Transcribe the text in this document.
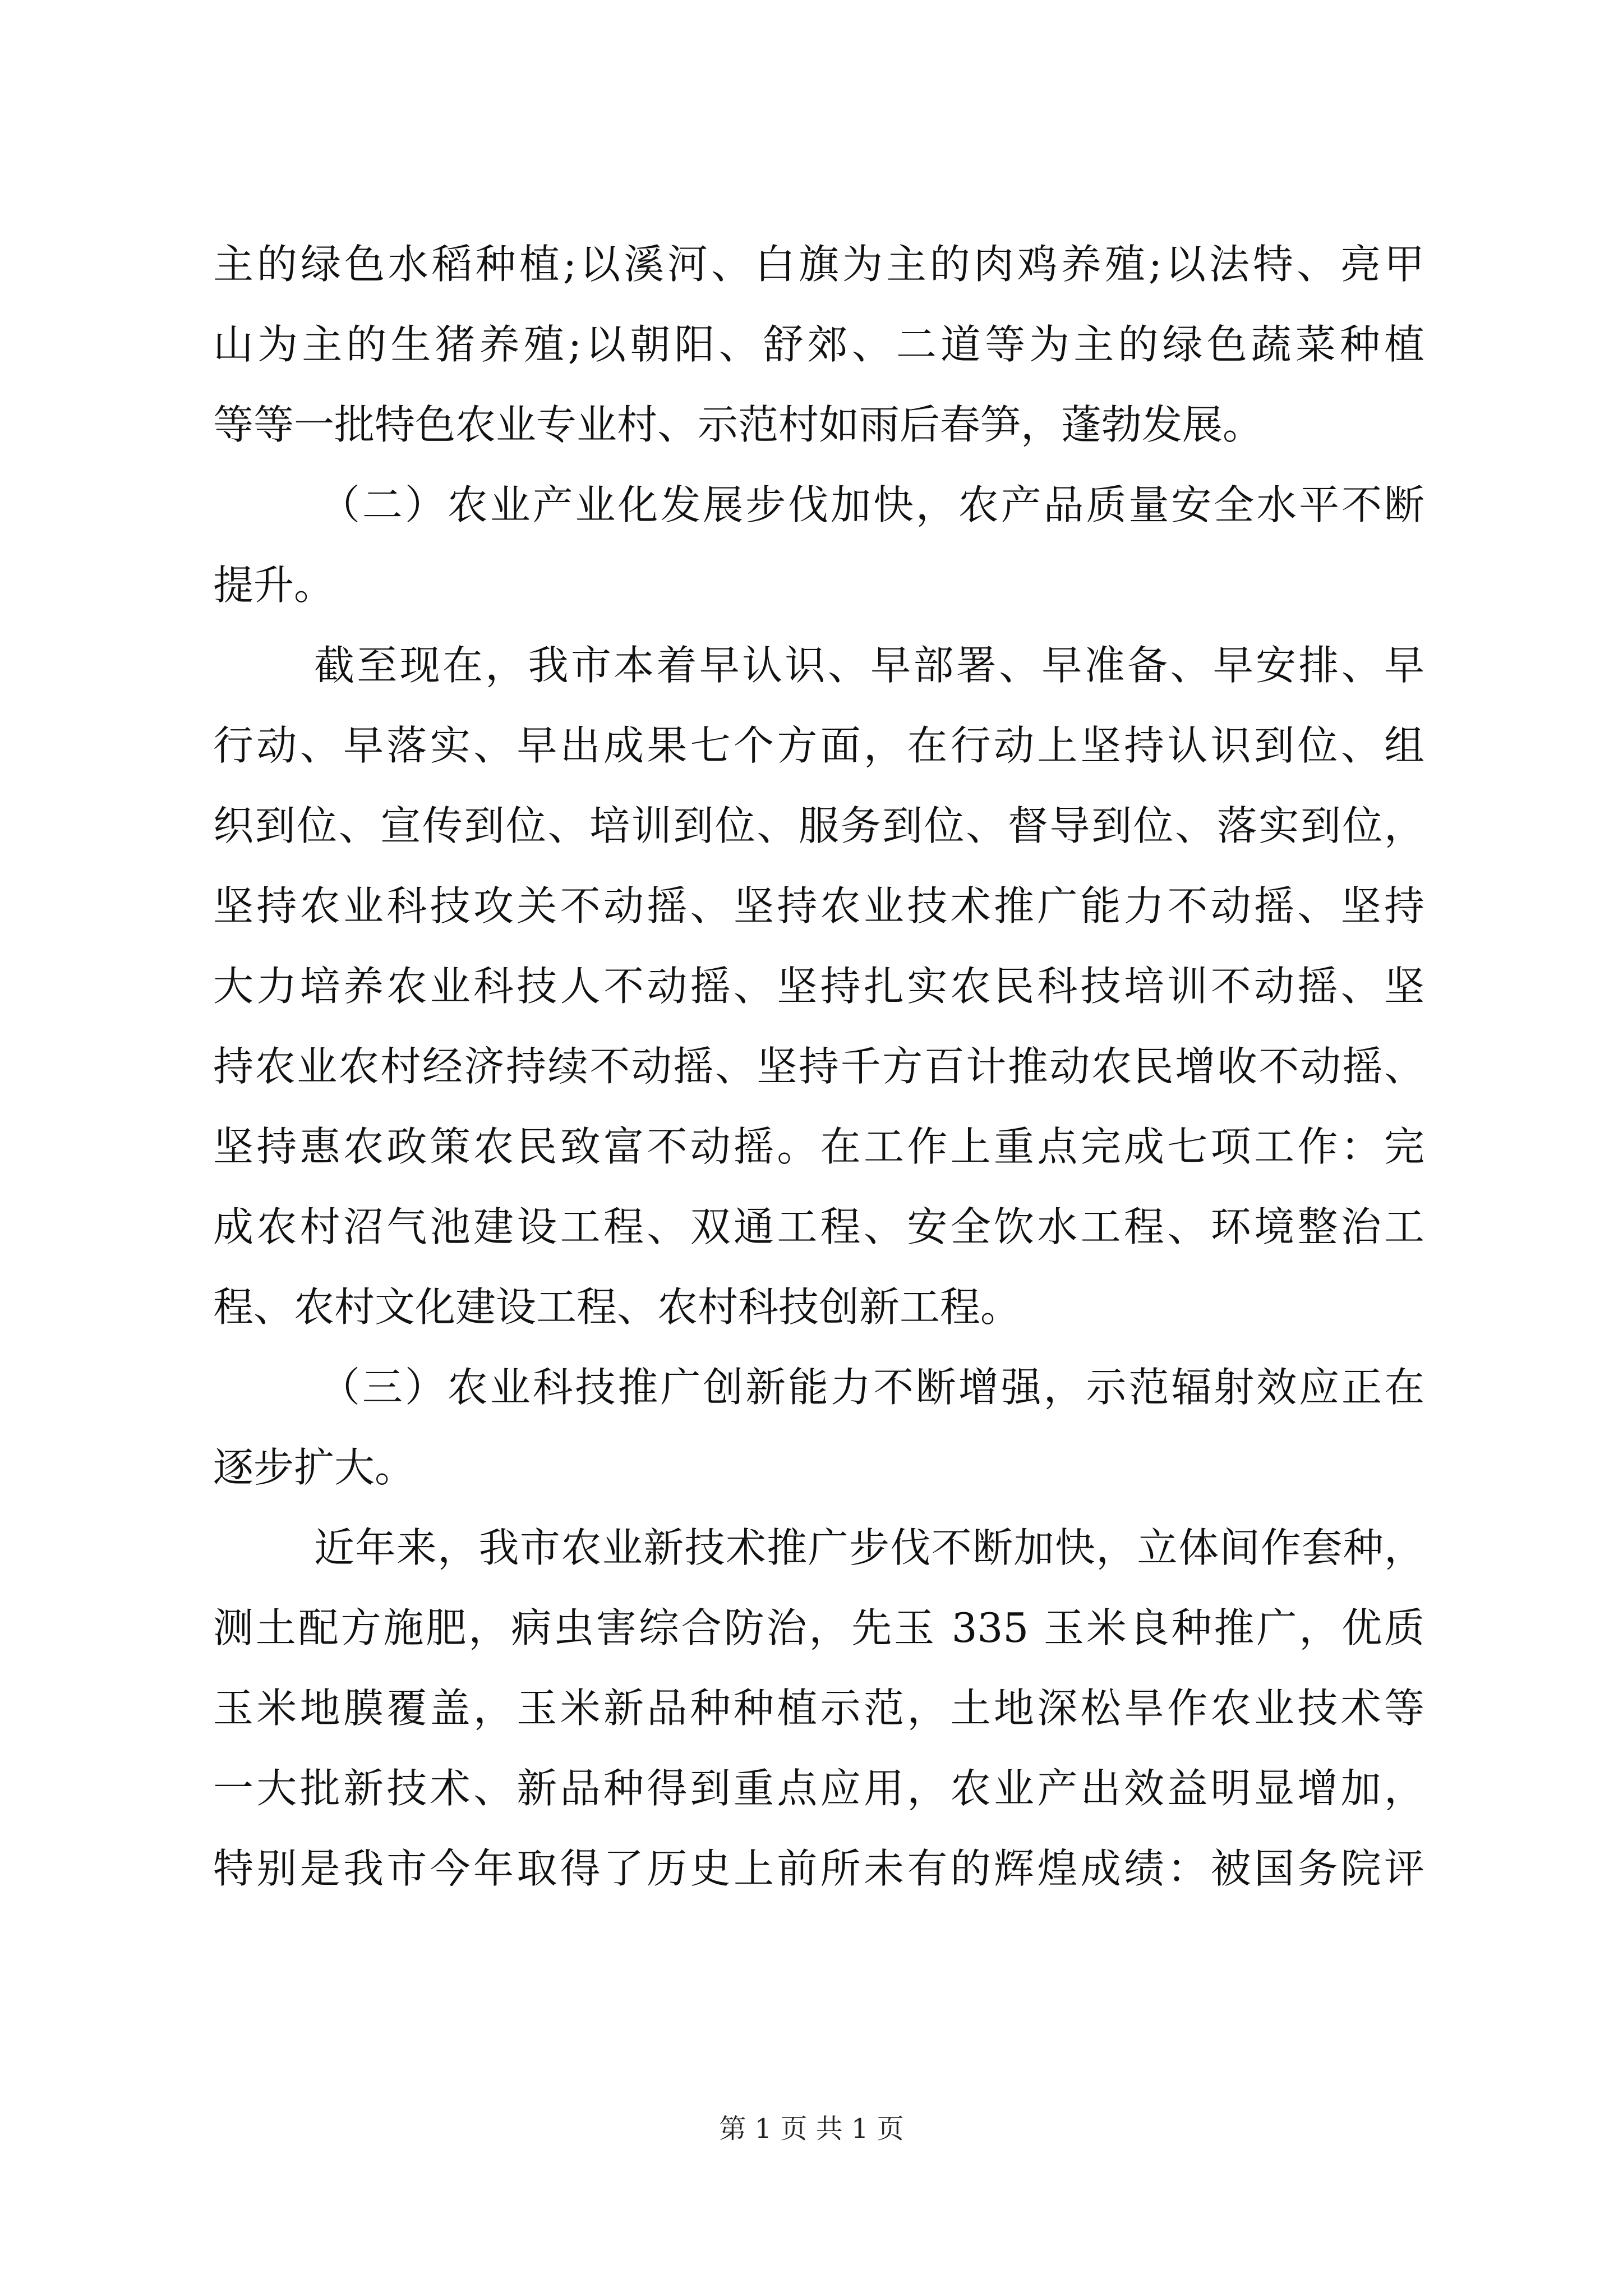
主的绿色水稻种植;以溪河、白旗为主的肉鸡养殖;以法特、亮甲
山为主的生猪养殖;以朝阳、舒郊、二道等为主的绿色蔬菜种植
等等一批特色农业专业村、示范村如雨后春笋，蓬勃发展。
（二）农业产业化发展步伐加快，农产品质量安全水平不断
提升。
截至现在，我市本着早认识、早部署、早准备、早安排、早
行动、早落实、早出成果七个方面，在行动上坚持认识到位、组
织到位、宣传到位、培训到位、服务到位、督导到位、落实到位，
坚持农业科技攻关不动摇、坚持农业技术推广能力不动摇、坚持
大力培养农业科技人不动摇、坚持扎实农民科技培训不动摇、坚
持农业农村经济持续不动摇、坚持千方百计推动农民增收不动摇、
坚持惠农政策农民致富不动摇。在工作上重点完成七项工作：完
成农村沼气池建设工程、双通工程、安全饮水工程、环境整治工
程、农村文化建设工程、农村科技创新工程。
（三）农业科技推广创新能力不断增强，示范辐射效应正在
逐步扩大。
近年来，我市农业新技术推广步伐不断加快，立体间作套种，
测土配方施肥，病虫害综合防治，先玉 335 玉米良种推广，优质
玉米地膜覆盖，玉米新品种种植示范，土地深松旱作农业技术等
一大批新技术、新品种得到重点应用，农业产出效益明显增加，
特别是我市今年取得了历史上前所未有的辉煌成绩：被国务院评
第 1 页 共 1 页
